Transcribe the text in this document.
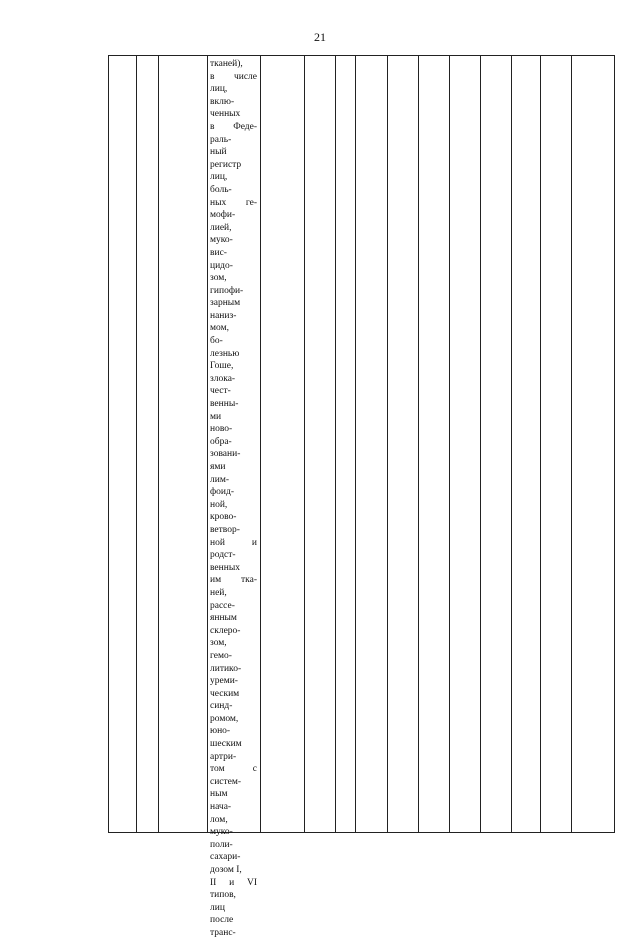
21
тканей),
в числе
лиц,
вклю-
ченных
в Феде-
раль-
ный
регистр
лиц,
боль-
ных ге-
мофи-
лией,
муко-
вис-
цидо-
зом,
гипофи-
зарным
наниз-
мом,
бо-
лезнью
Гоше,
злока-
чест-
венны-
ми
ново-
обра-
зовани-
ями
лим-
фоид-
ной,
крово-
ветвор-
ной и
родст-
венных
им тка-
ней,
рассе-
янным
склеро-
зом,
гемо-
литико-
уреми-
ческим
синд-
ромом,
юно-
шеским
артри-
том с
систем-
ным
нача-
лом,
муко-
поли-
сахари-
дозом I,
II и VI
типов,
лиц
после
транс-
